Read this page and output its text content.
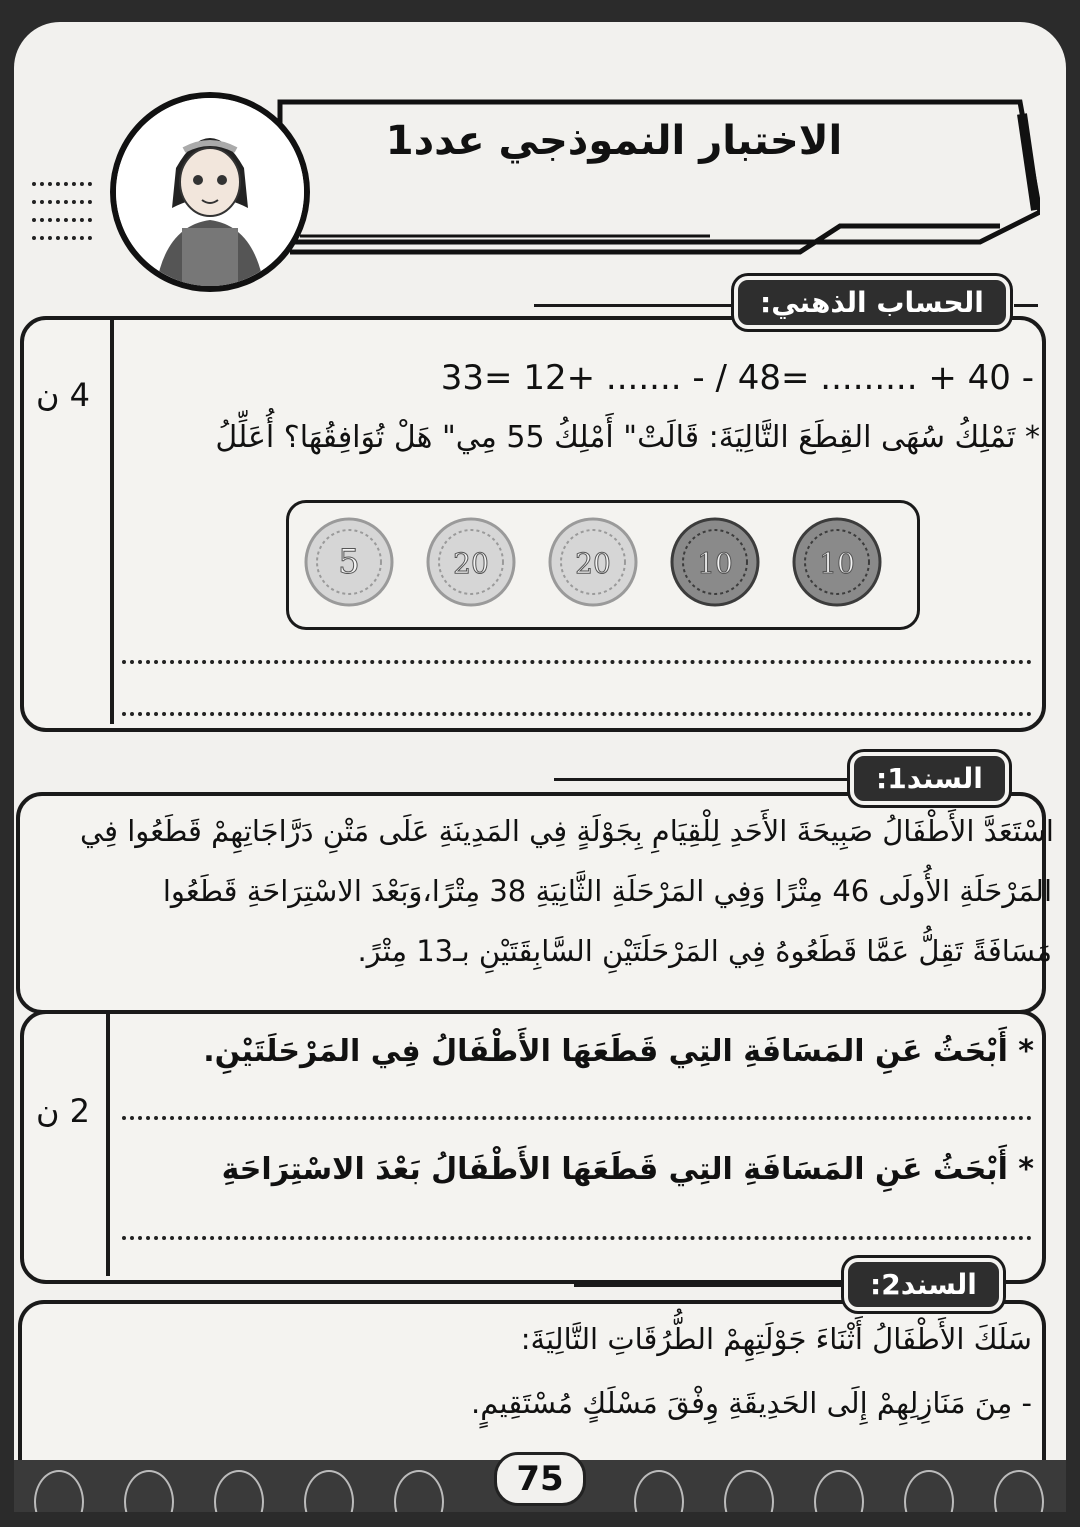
الاختبار النموذجي عدد1
الحساب الذهني:
4 ن	- 40 + ......... =48 / - ....... +12 =33
* تَمْلِكُ سُهَى القِطَعَ التَّالِيَةَ: قَالَتْ" أَمْلِكُ 55 مِي" هَلْ تُوَافِقُهَا؟ أُعَلِّلُ
10
10
20
20
5
السند1:
اسْتَعَدَّ الأَطْفَالُ صَبِيحَةَ الأَحَدِ لِلْقِيَامِ بِجَوْلَةٍ فِي المَدِينَةِ عَلَى مَتْنِ دَرَّاجَاتِهِمْ قَطَعُوا فِي
المَرْحَلَةِ الأُولَى 46 مِتْرًا وَفِي المَرْحَلَةِ الثَّانِيَةِ 38 مِتْرًا،وَبَعْدَ الاسْتِرَاحَةِ قَطَعُوا
مَسَافَةً تَقِلُّ عَمَّا قَطَعُوهُ فِي المَرْحَلَتَيْنِ السَّابِقَتَيْنِ بـ13 مِتْرً.
2 ن
* أَبْحَثُ عَنِ المَسَافَةِ التِي قَطَعَهَا الأَطْفَالُ فِي المَرْحَلَتَيْنِ.
* أَبْحَثُ عَنِ المَسَافَةِ التِي قَطَعَهَا الأَطْفَالُ بَعْدَ الاسْتِرَاحَةِ
السند2:
سَلَكَ الأَطْفَالُ أَثْنَاءَ جَوْلَتِهِمْ الطُّرُقَاتِ التَّالِيَةَ:
- مِنَ مَنَازِلِهِمْ إِلَى الحَدِيقَةِ وِفْقَ مَسْلَكٍ مُسْتَقِيمٍ.
75
